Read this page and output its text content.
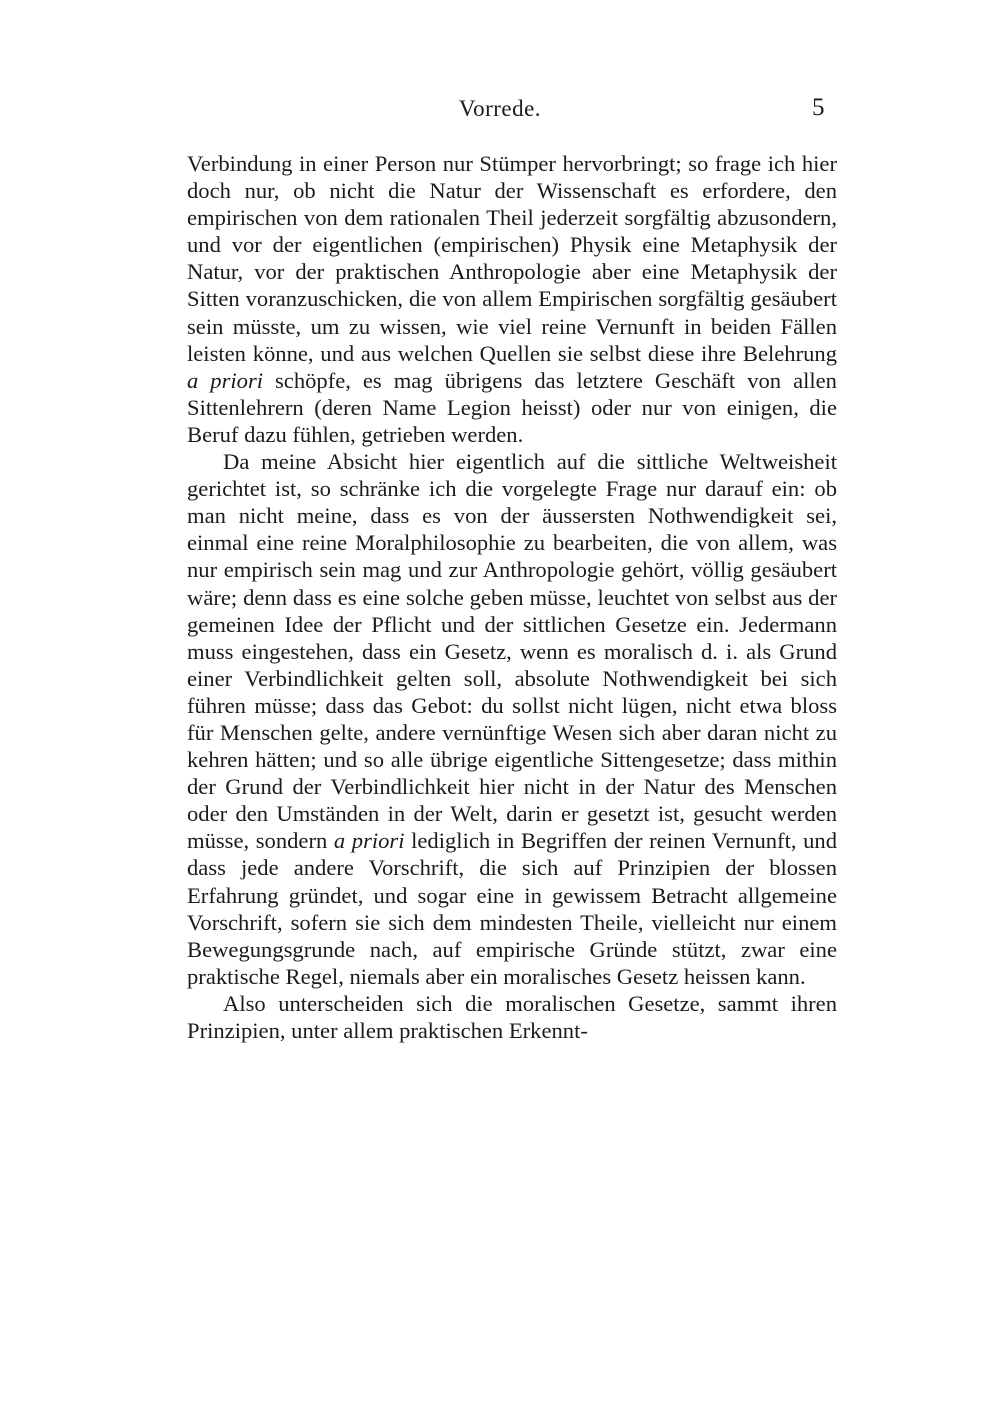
Vorrede.	5

Verbindung in einer Person nur Stümper hervorbringt; so frage ich hier doch nur, ob nicht die Natur der Wissenschaft es erfordere, den empirischen von dem rationalen Theil jederzeit sorgfältig abzusondern, und vor der eigentlichen (empirischen) Physik eine Metaphysik der Natur, vor der praktischen Anthropologie aber eine Metaphysik der Sitten voranzuschicken, die von allem Empirischen sorgfältig gesäubert sein müsste, um zu wissen, wie viel reine Vernunft in beiden Fällen leisten könne, und aus welchen Quellen sie selbst diese ihre Belehrung a priori schöpfe, es mag übrigens das letztere Geschäft von allen Sittenlehrern (deren Name Legion heisst) oder nur von einigen, die Beruf dazu fühlen, getrieben werden.

Da meine Absicht hier eigentlich auf die sittliche Weltweisheit gerichtet ist, so schränke ich die vorgelegte Frage nur darauf ein: ob man nicht meine, dass es von der äussersten Nothwendigkeit sei, einmal eine reine Moralphilosophie zu bearbeiten, die von allem, was nur empirisch sein mag und zur Anthropologie gehört, völlig gesäubert wäre; denn dass es eine solche geben müsse, leuchtet von selbst aus der gemeinen Idee der Pflicht und der sittlichen Gesetze ein. Jedermann muss eingestehen, dass ein Gesetz, wenn es moralisch d. i. als Grund einer Verbindlichkeit gelten soll, absolute Nothwendigkeit bei sich führen müsse; dass das Gebot: du sollst nicht lügen, nicht etwa bloss für Menschen gelte, andere vernünftige Wesen sich aber daran nicht zu kehren hätten; und so alle übrige eigentliche Sittengesetze; dass mithin der Grund der Verbindlichkeit hier nicht in der Natur des Menschen oder den Umständen in der Welt, darin er gesetzt ist, gesucht werden müsse, sondern a priori lediglich in Begriffen der reinen Vernunft, und dass jede andere Vorschrift, die sich auf Prinzipien der blossen Erfahrung gründet, und sogar eine in gewissem Betracht allgemeine Vorschrift, sofern sie sich dem mindesten Theile, vielleicht nur einem Bewegungsgrunde nach, auf empirische Gründe stützt, zwar eine praktische Regel, niemals aber ein moralisches Gesetz heissen kann.

Also unterscheiden sich die moralischen Gesetze, sammt ihren Prinzipien, unter allem praktischen Erkennt-
